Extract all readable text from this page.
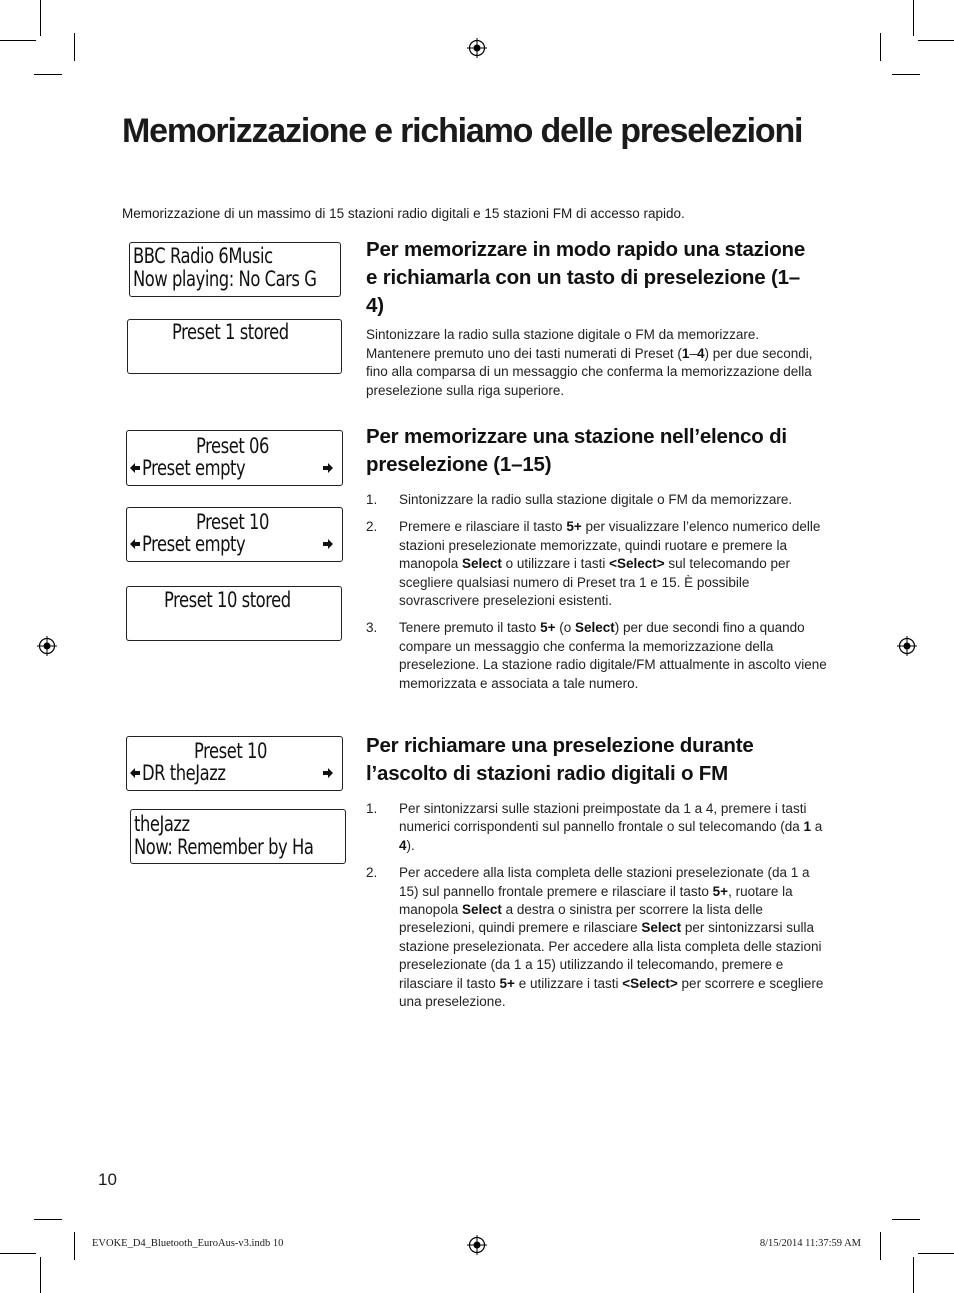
Memorizzazione e richiamo delle preselezioni
Memorizzazione di un massimo di 15 stazioni radio digitali e 15 stazioni FM di accesso rapido.
BBC Radio 6Music
Now playing: No Cars G
Preset 1 stored
Preset 06
Preset empty
Preset 10
Preset empty
Preset 10 stored
Preset 10
DR theJazz
theJazz
Now: Remember by Ha
Per memorizzare in modo rapido una stazione e richiamarla con un tasto di preselezione (1–4)

Sintonizzare la radio sulla stazione digitale o FM da memorizzare. Mantenere premuto uno dei tasti numerati di Preset (1–4) per due secondi, fino alla comparsa di un messaggio che conferma la memorizzazione della preselezione sulla riga superiore.

Per memorizzare una stazione nell’elenco di preselezione (1–15)
1. Sintonizzare la radio sulla stazione digitale o FM da memorizzare.
2. Premere e rilasciare il tasto 5+ per visualizzare l’elenco numerico delle stazioni preselezionate memorizzate, quindi ruotare e premere la manopola Select o utilizzare i tasti <Select> sul telecomando per scegliere qualsiasi numero di Preset tra 1 e 15. È possibile sovrascrivere preselezioni esistenti.
3. Tenere premuto il tasto 5+ (o Select) per due secondi fino a quando compare un messaggio che conferma la memorizzazione della preselezione. La stazione radio digitale/FM attualmente in ascolto viene memorizzata e associata a tale numero.
Per richiamare una preselezione durante l’ascolto di stazioni radio digitali o FM
1. Per sintonizzarsi sulle stazioni preimpostate da 1 a 4, premere i tasti numerici corrispondenti sul pannello frontale o sul telecomando (da 1 a 4).
2. Per accedere alla lista completa delle stazioni preselezionate (da 1 a 15) sul pannello frontale premere e rilasciare il tasto 5+, ruotare la manopola Select a destra o sinistra per scorrere la lista delle preselezioni, quindi premere e rilasciare Select per sintonizzarsi sulla stazione preselezionata. Per accedere alla lista completa delle stazioni preselezionate (da 1 a 15) utilizzando il telecomando, premere e rilasciare il tasto 5+ e utilizzare i tasti <Select> per scorrere e scegliere una preselezione.
10
EVOKE_D4_Bluetooth_EuroAus-v3.indb 10	8/15/2014 11:37:59 AM
